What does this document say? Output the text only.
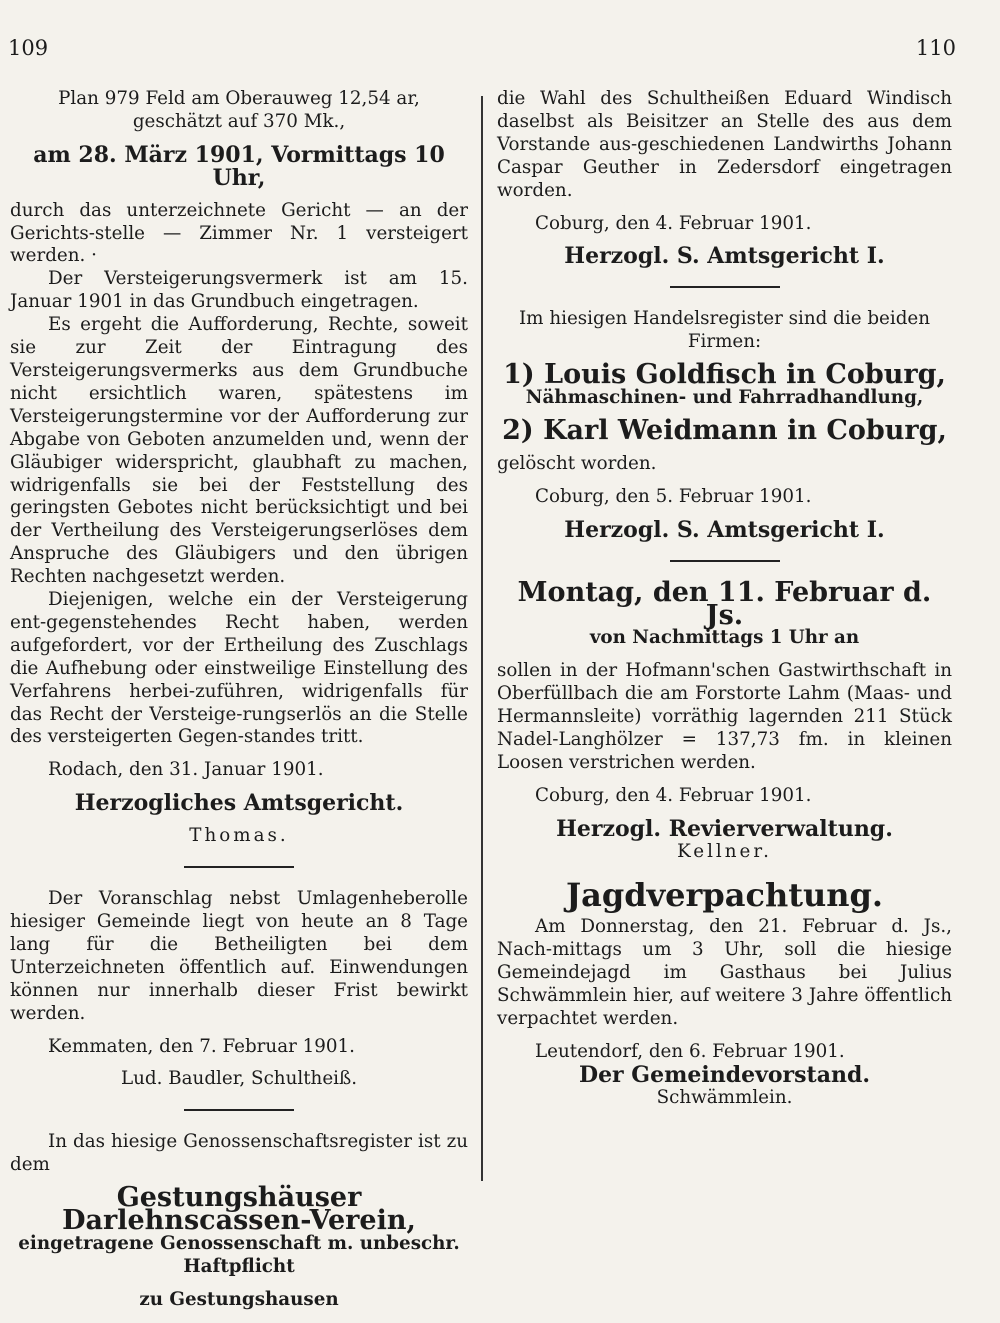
109	110

Plan 979 Feld am Oberauweg 12,54 ar,

geschätzt auf 370 Mk.,

am 28. März 1901, Vormittags 10 Uhr,

durch das unterzeichnete Gericht — an der Gerichts-stelle — Zimmer Nr. 1 versteigert werden. ·

Der Versteigerungsvermerk ist am 15. Januar 1901 in das Grundbuch eingetragen.

Es ergeht die Aufforderung, Rechte, soweit sie zur Zeit der Eintragung des Versteigerungsvermerks aus dem Grundbuche nicht ersichtlich waren, spätestens im Versteigerungstermine vor der Aufforderung zur Abgabe von Geboten anzumelden und, wenn der Gläubiger widerspricht, glaubhaft zu machen, widrigenfalls sie bei der Feststellung des geringsten Gebotes nicht berücksichtigt und bei der Vertheilung des Versteigerungserlöses dem Anspruche des Gläubigers und den übrigen Rechten nachgesetzt werden.

Diejenigen, welche ein der Versteigerung ent-gegenstehendes Recht haben, werden aufgefordert, vor der Ertheilung des Zuschlags die Aufhebung oder einstweilige Einstellung des Verfahrens herbei-zuführen, widrigenfalls für das Recht der Versteige-rungserlös an die Stelle des versteigerten Gegen-standes tritt.

Rodach, den 31. Januar 1901.

Herzogliches Amtsgericht.

Thomas.

Der Voranschlag nebst Umlagenheberolle hiesiger Gemeinde liegt von heute an 8 Tage lang für die Betheiligten bei dem Unterzeichneten öffentlich auf. Einwendungen können nur innerhalb dieser Frist bewirkt werden.

Kemmaten, den 7. Februar 1901.

Lud. Baudler, Schultheiß.

In das hiesige Genossenschaftsregister ist zu dem

Gestungshäuser Darlehnscassen-Verein,

eingetragene Genossenschaft m. unbeschr. Haftpflicht

zu Gestungshausen

die Wahl des Schultheißen Eduard Windisch daselbst als Beisitzer an Stelle des aus dem Vorstande aus-geschiedenen Landwirths Johann Caspar Geuther in Zedersdorf eingetragen worden.

Coburg, den 4. Februar 1901.

Herzogl. S. Amtsgericht I.

Im hiesigen Handelsregister sind die beiden Firmen:

1) Louis Goldfisch in Coburg,

Nähmaschinen- und Fahrradhandlung,

2) Karl Weidmann in Coburg,

gelöscht worden.

Coburg, den 5. Februar 1901.

Herzogl. S. Amtsgericht I.

Montag, den 11. Februar d. Js.

von Nachmittags 1 Uhr an

sollen in der Hofmann'schen Gastwirthschaft in Oberfüllbach die am Forstorte Lahm (Maas- und Hermannsleite) vorräthig lagernden 211 Stück Nadel-Langhölzer = 137,73 fm. in kleinen Loosen verstrichen werden.

Coburg, den 4. Februar 1901.

Herzogl. Revierverwaltung.

Kellner.

Jagdverpachtung.

Am Donnerstag, den 21. Februar d. Js., Nach-mittags um 3 Uhr, soll die hiesige Gemeindejagd im Gasthaus bei Julius Schwämmlein hier, auf weitere 3 Jahre öffentlich verpachtet werden.

Leutendorf, den 6. Februar 1901.

Der Gemeindevorstand.

Schwämmlein.
